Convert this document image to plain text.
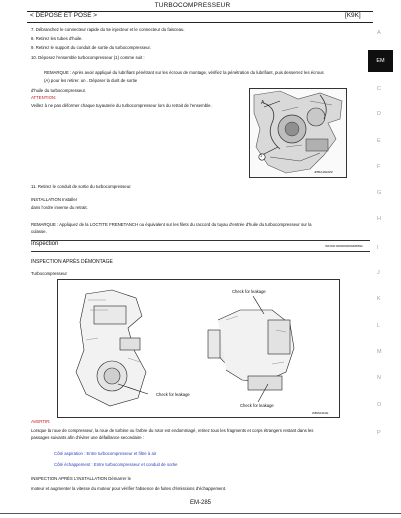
TURBOCOMPRESSEUR
< DEPOSE ET POSE >	[K9K]
EM
A
C
D
E
F
G
H
I
J
K
L
M
N
O
P
7. Débranchez le connecteur rapide du 5e injecteur et le connecteur du faisceau.
8. Retirez les tubes d'huile.
9. Retirez le support du conduit de sortie du turbocompresseur.
10. Déposez l'ensemble turbocompresseur (1) comme suit :
REMARQUE : Après avoir appliqué du lubrifiant pénétrant sur les écrous de montage, vérifiez la pénétration du lubrifiant, puis desserrez les écrous
(A) pour les retirer. un . Déposer la durit de sortie
d'huile du turbocompresseur.
ATTENTION:
Veillez à ne pas déformer chaque tuyauterie du turbocompresseur lors du retrait de l'ensemble.	A
1
JPBIA1602ZZ
11. Retirez le conduit de sortie du turbocompresseur.
INSTALLATION Installer
dans l'ordre inverse du retrait.
REMARQUE : Appliquez de la LOCTITE FRENETANCH ou équivalent sur les filets du raccord du tuyau d'entrée d'huile du turbocompresseur sur la
culasse.
Inspection	INFOID:0000000009488692
INSPECTION APRÈS DÉMONTAGE
Turbocompresseur
Check for leakage
Check for leakage
Check for leakage
WBIA0410E
AVERTIR:
Lorsque la roue de compresseur, la roue de turbine ou l'arbre du rotor est endommagé, retirez tous les fragments et corps étrangers restant dans les
passages suivants afin d'éviter une défaillance secondaire :
Côté aspiration : Entre turbocompresseur et filtre à air
Côté échappement : Entre turbocompresseur et conduit de sortie
INSPECTION APRÈS L'INSTALLATION Démarrer le
moteur et augmenter la vitesse du moteur pour vérifier l'absence de fuites d'émissions d'échappement.
EM-285
